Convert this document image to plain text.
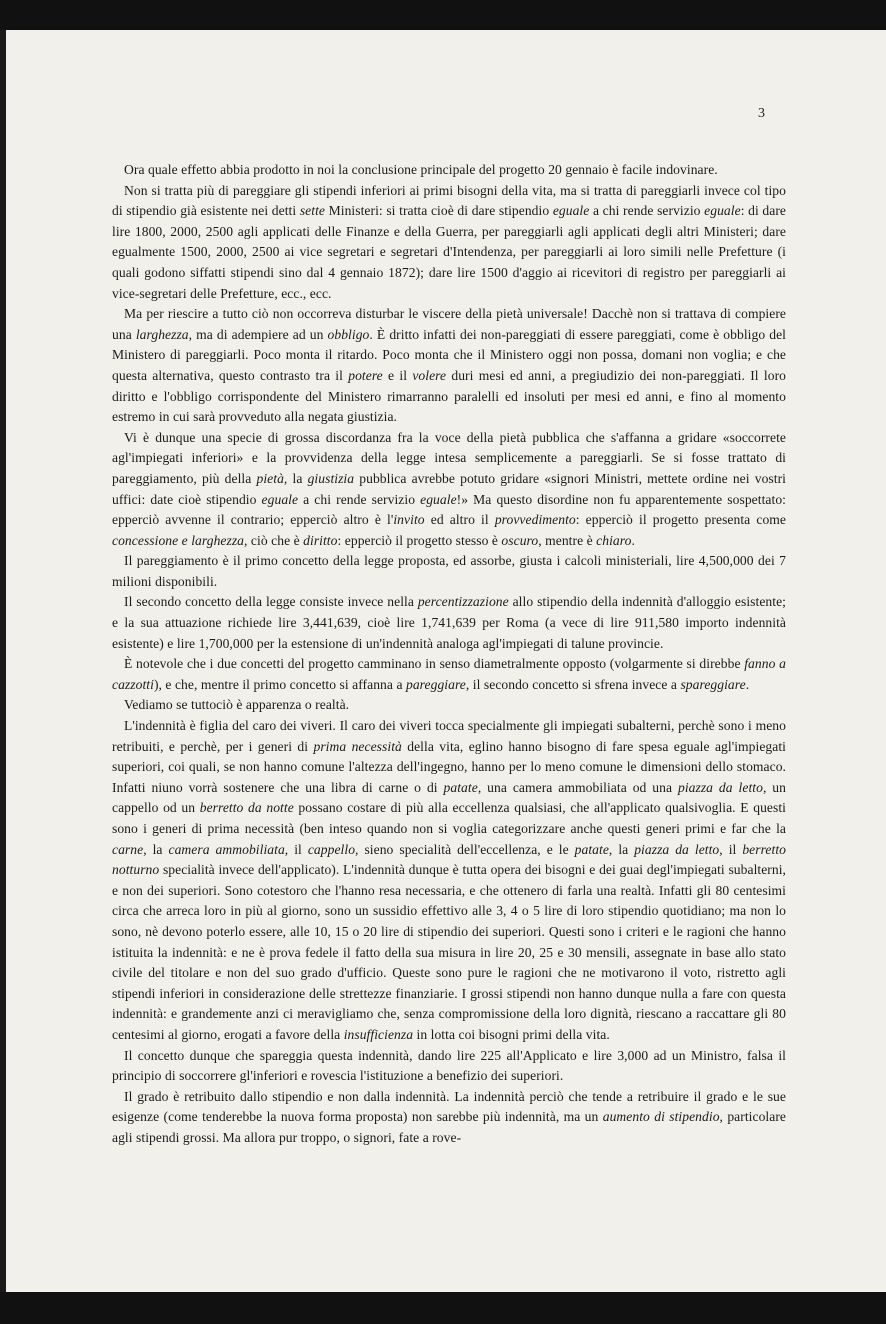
3

Ora quale effetto abbia prodotto in noi la conclusione principale del progetto 20 gennaio è facile indovinare.

Non si tratta più di pareggiare gli stipendi inferiori ai primi bisogni della vita, ma si tratta di pareggiarli invece col tipo di stipendio già esistente nei detti sette Ministeri: si tratta cioè di dare stipendio eguale a chi rende servizio eguale: di dare lire 1800, 2000, 2500 agli applicati delle Finanze e della Guerra, per pareggiarli agli applicati degli altri Ministeri; dare egualmente 1500, 2000, 2500 ai vice segretari e segretari d'Intendenza, per pareggiarli ai loro simili nelle Prefetture (i quali godono siffatti stipendi sino dal 4 gennaio 1872); dare lire 1500 d'aggio ai ricevitori di registro per pareggiarli ai vice-segretari delle Prefetture, ecc., ecc.

Ma per riescire a tutto ciò non occorreva disturbar le viscere della pietà universale! Dacchè non si trattava di compiere una larghezza, ma di adempiere ad un obbligo. È dritto infatti dei non-pareggiati di essere pareggiati, come è obbligo del Ministero di pareggiarli. Poco monta il ritardo. Poco monta che il Ministero oggi non possa, domani non voglia; e che questa alternativa, questo contrasto tra il potere e il volere duri mesi ed anni, a pregiudizio dei non-pareggiati. Il loro diritto e l'obbligo corrispondente del Ministero rimarranno paralelli ed insoluti per mesi ed anni, e fino al momento estremo in cui sarà provveduto alla negata giustizia.

Vi è dunque una specie di grossa discordanza fra la voce della pietà pubblica che s'affanna a gridare «soccorrete agl'impiegati inferiori» e la provvidenza della legge intesa semplicemente a pareggiarli. Se si fosse trattato di pareggiamento, più della pietà, la giustizia pubblica avrebbe potuto gridare «signori Ministri, mettete ordine nei vostri uffici: date cioè stipendio eguale a chi rende servizio eguale!» Ma questo disordine non fu apparentemente sospettato: epperciò avvenne il contrario; epperciò altro è l'invito ed altro il provvedimento: epperciò il progetto presenta come concessione e larghezza, ciò che è diritto: epperciò il progetto stesso è oscuro, mentre è chiaro.

Il pareggiamento è il primo concetto della legge proposta, ed assorbe, giusta i calcoli ministeriali, lire 4,500,000 dei 7 milioni disponibili.

Il secondo concetto della legge consiste invece nella percentizzazione allo stipendio della indennità d'alloggio esistente; e la sua attuazione richiede lire 3,441,639, cioè lire 1,741,639 per Roma (a vece di lire 911,580 importo indennità esistente) e lire 1,700,000 per la estensione di un'indennità analoga agl'impiegati di talune provincie.

È notevole che i due concetti del progetto camminano in senso diametralmente opposto (volgarmente si direbbe fanno a cazzotti), e che, mentre il primo concetto si affanna a pareggiare, il secondo concetto si sfrena invece a spareggiare.

Vediamo se tuttociò è apparenza o realtà.

L'indennità è figlia del caro dei viveri. Il caro dei viveri tocca specialmente gli impiegati subalterni, perchè sono i meno retribuiti, e perchè, per i generi di prima necessità della vita, eglino hanno bisogno di fare spesa eguale agl'impiegati superiori, coi quali, se non hanno comune l'altezza dell'ingegno, hanno per lo meno comune le dimensioni dello stomaco. Infatti niuno vorrà sostenere che una libra di carne o di patate, una camera ammobiliata od una piazza da letto, un cappello od un berretto da notte possano costare di più alla eccellenza qualsiasi, che all'applicato qualsivoglia. E questi sono i generi di prima necessità (ben inteso quando non si voglia categorizzare anche questi generi primi e far che la carne, la camera ammobiliata, il cappello, sieno specialità dell'eccellenza, e le patate, la piazza da letto, il berretto notturno specialità invece dell'applicato). L'indennità dunque è tutta opera dei bisogni e dei guai degl'impiegati subalterni, e non dei superiori. Sono cotestoro che l'hanno resa necessaria, e che ottenero di farla una realtà. Infatti gli 80 centesimi circa che arreca loro in più al giorno, sono un sussidio effettivo alle 3, 4 o 5 lire di loro stipendio quotidiano; ma non lo sono, nè devono poterlo essere, alle 10, 15 o 20 lire di stipendio dei superiori. Questi sono i criteri e le ragioni che hanno istituita la indennità: e ne è prova fedele il fatto della sua misura in lire 20, 25 e 30 mensili, assegnate in base allo stato civile del titolare e non del suo grado d'ufficio. Queste sono pure le ragioni che ne motivarono il voto, ristretto agli stipendi inferiori in considerazione delle strettezze finanziarie. I grossi stipendi non hanno dunque nulla a fare con questa indennità: e grandemente anzi ci meravigliamo che, senza compromissione della loro dignità, riescano a raccattare gli 80 centesimi al giorno, erogati a favore della insufficienza in lotta coi bisogni primi della vita.

Il concetto dunque che spareggia questa indennità, dando lire 225 all'Applicato e lire 3,000 ad un Ministro, falsa il principio di soccorrere gl'inferiori e rovescia l'istituzione a benefizio dei superiori.

Il grado è retribuito dallo stipendio e non dalla indennità. La indennità perciò che tende a retribuire il grado e le sue esigenze (come tenderebbe la nuova forma proposta) non sarebbe più indennità, ma un aumento di stipendio, particolare agli stipendi grossi. Ma allora pur troppo, o signori, fate a rove-
